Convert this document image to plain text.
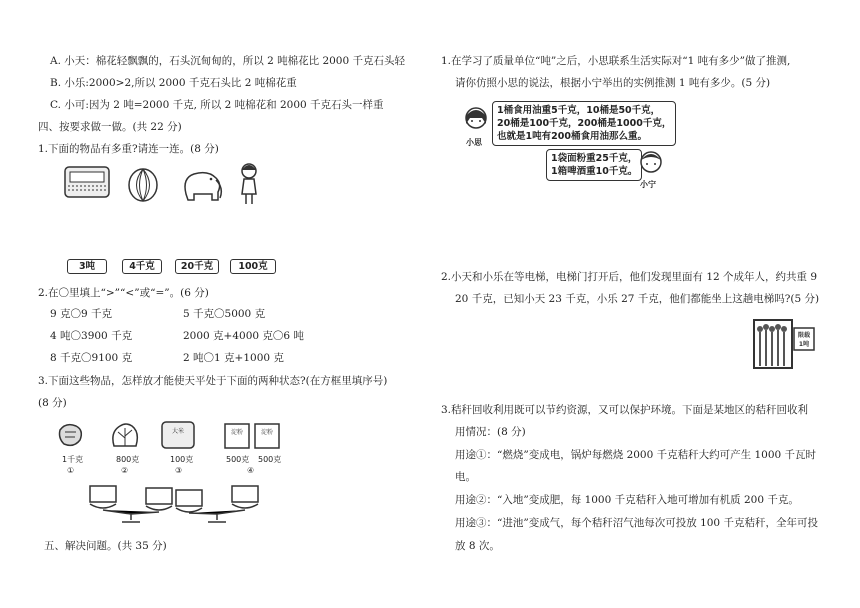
A. 小天：棉花轻飘飘的，石头沉甸甸的，所以 2 吨棉花比 2000 千克石头轻
B. 小乐:2000>2,所以 2000 千克石头比 2 吨棉花重
C. 小可:因为 2 吨=2000 千克, 所以 2 吨棉花和 2000 千克石头一样重
四、按要求做一做。(共 22 分)
1.下面的物品有多重?请连一连。(8 分)
3吨	4千克	20千克	100克
2.在〇里填上“>”“<”或“=”。(6 分)
9 克〇9 千克	5 千克〇5000 克
4 吨〇3900 千克	2000 克+4000 克〇6 吨
8 千克〇9100 克	2 吨〇1 克+1000 克
3.下面这些物品，怎样放才能使天平处于下面的两种状态?(在方框里填序号)
(8 分)
大米	淀粉	淀粉
1千克	800克	100克	500克 500克
①	②	③	④
五、解决问题。(共 35 分)
1.在学习了质量单位“吨”之后，小思联系生活实际对“1 吨有多少”做了推测,
请你仿照小思的说法，根据小宁举出的实例推测 1 吨有多少。(5 分)
小思
1桶食用油重5千克，10桶是50千克，
20桶是100千克，200桶是1000千克，
也就是1吨有200桶食用油那么重。
1袋面粉重25千克，
1箱啤酒重10千克。
小宁
2.小天和小乐在等电梯，电梯门打开后，他们发现里面有 12 个成年人，约共重 9
20 千克，已知小天 23 千克，小乐 27 千克，他们都能坐上这趟电梯吗?(5 分)
限载
1吨
3.秸秆回收利用既可以节约资源，又可以保护环境。下面是某地区的秸秆回收利
用情况：(8 分)
用途①：“燃烧”变成电，锅炉每燃烧 2000 千克秸秆大约可产生 1000 千瓦时
电。
用途②：“入地”变成肥，每 1000 千克秸秆入地可增加有机质 200 千克。
用途③：“进池”变成气，每个秸秆沼气池每次可投放 100 千克秸秆，全年可投
放 8 次。
